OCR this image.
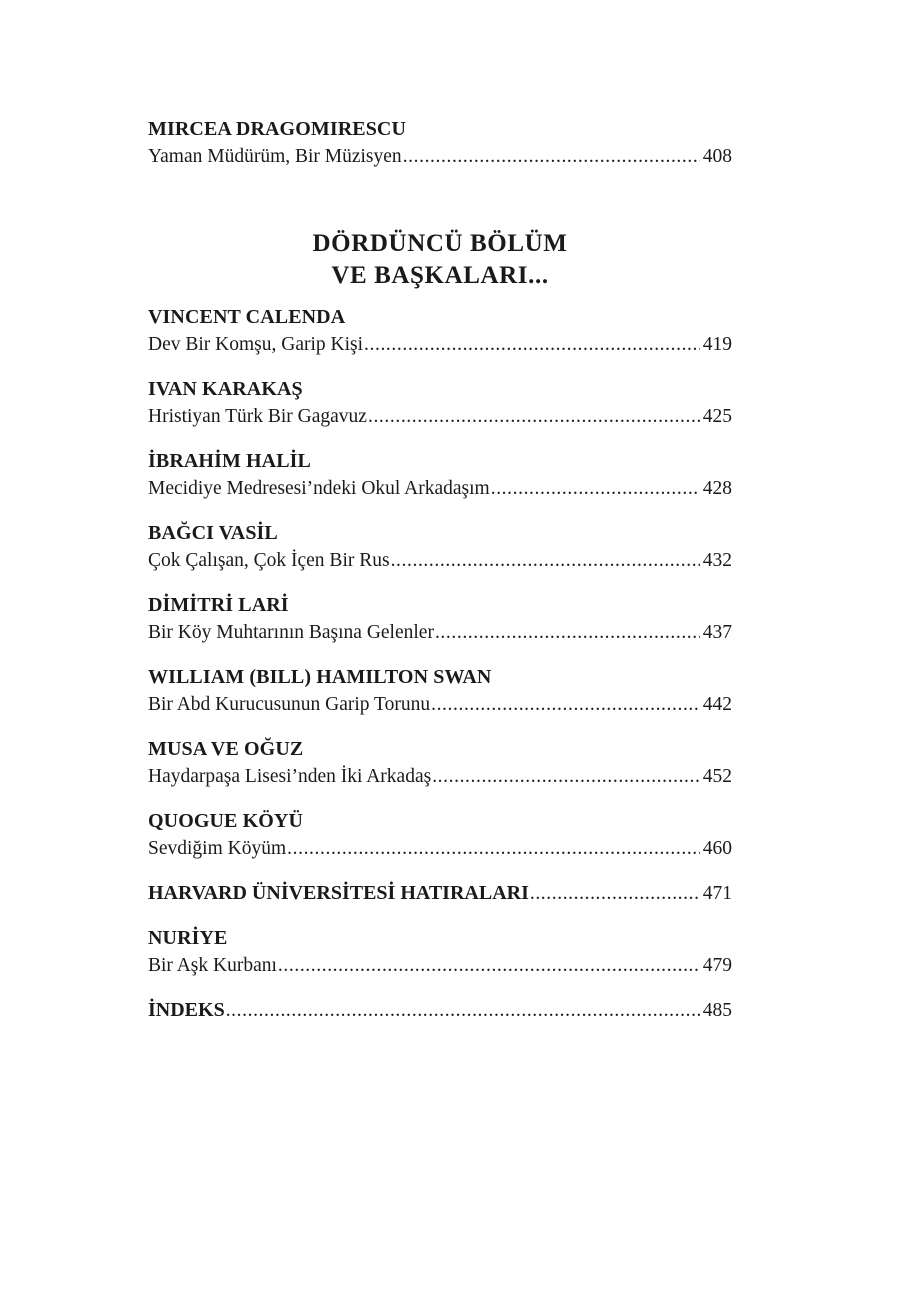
MIRCEA DRAGOMIRESCU
Yaman Müdürüm, Bir Müzisyen .....	408
DÖRDÜNCÜ BÖLÜM
VE BAŞKALARI...
VINCENT CALENDA
Dev Bir Komşu, Garip Kişi .....	419
IVAN KARAKAŞ
Hristiyan Türk Bir Gagavuz .....	425
İBRAHİM HALİL
Mecidiye Medresesi’ndeki Okul Arkadaşım .....	428
BAĞCI VASİL
Çok Çalışan, Çok İçen Bir Rus .....	432
DİMİTRİ LARİ
Bir Köy Muhtarının Başına Gelenler .....	437
WILLIAM (BILL) HAMILTON SWAN
Bir Abd Kurucusunun Garip Torunu .....	442
MUSA VE OĞUZ
Haydarpaşa Lisesi’nden İki Arkadaş .....	452
QUOGUE KÖYÜ
Sevdiğim Köyüm .....	460
HARVARD ÜNİVERSİTESİ HATIRALARI .....	471
NURİYE
Bir Aşk Kurbanı .....	479
İNDEKS .....	485
